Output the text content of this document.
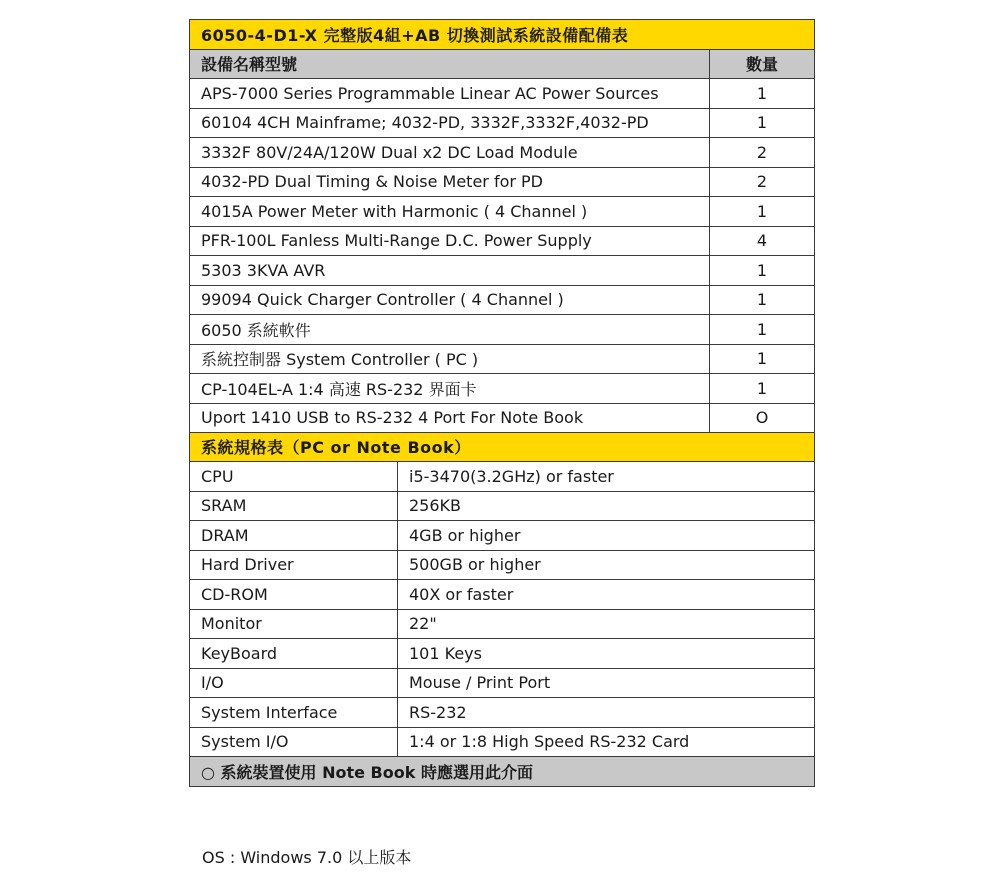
6050-4-D1-X 完整版4組+AB 切換測試系統設備配備表	
設備名稱型號	數量
APS-7000 Series Programmable Linear AC Power Sources	1
60104 4CH Mainframe; 4032-PD, 3332F,3332F,4032-PD	1
3332F 80V/24A/120W Dual x2 DC Load Module	2
4032-PD Dual Timing & Noise Meter for PD	2
4015A Power Meter with Harmonic ( 4 Channel )	1
PFR-100L Fanless Multi-Range D.C. Power Supply	4
5303 3KVA AVR	1
99094 Quick Charger Controller ( 4 Channel )	1
6050 系統軟件	1
系統控制器 System Controller ( PC )	1
CP-104EL-A 1:4 高速 RS-232 界面卡	1
Uport 1410 USB to RS-232 4 Port For Note Book	O
系統規格表（PC or Note Book）	
CPU	i5-3470(3.2GHz) or faster
SRAM	256KB
DRAM	4GB or higher
Hard Driver	500GB or higher
CD-ROM	40X or faster
Monitor	22"
KeyBoard	101 Keys
I/O	Mouse / Print Port
System Interface	RS-232
System I/O	1:4 or 1:8 High Speed RS-232 Card
○ 系統裝置使用 Note Book 時應選用此介面	
OS : Windows 7.0 以上版本
